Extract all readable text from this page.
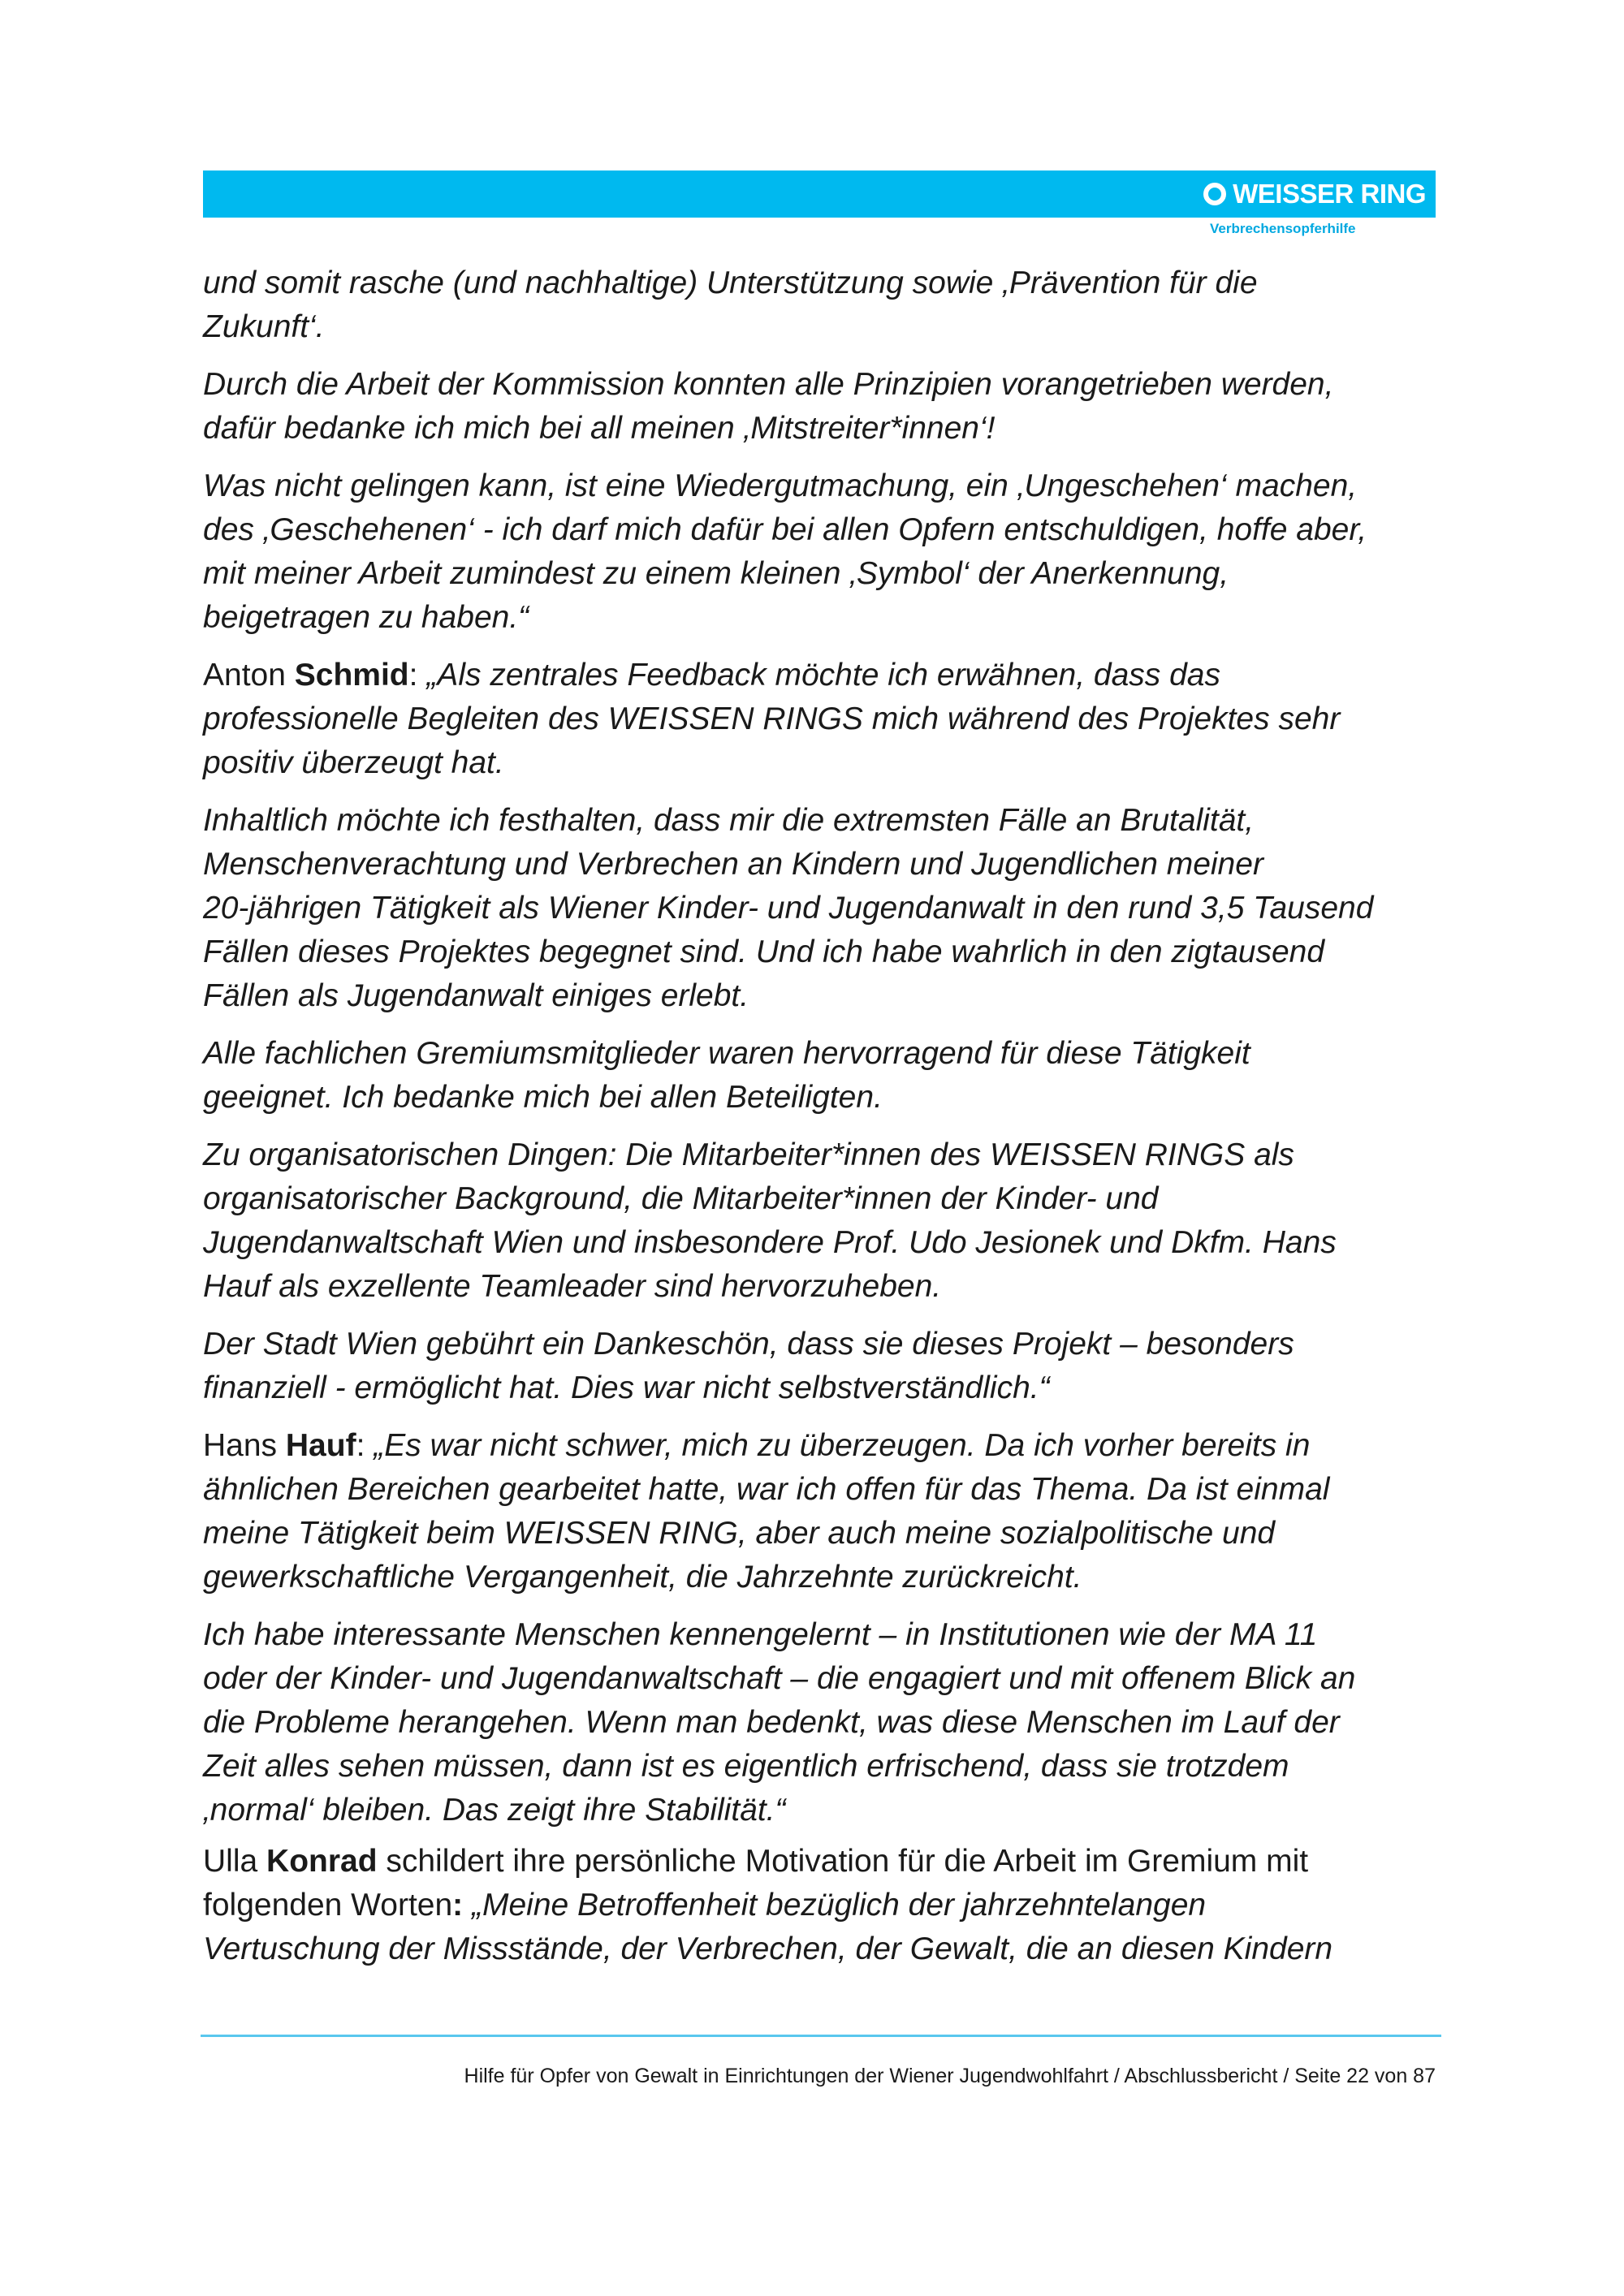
WEISSER RING
Verbrechensopferhilfe

und somit rasche (und nachhaltige) Unterstützung sowie ‚Prävention für die
Zukunft‘.

Durch die Arbeit der Kommission konnten alle Prinzipien vorangetrieben werden,
dafür bedanke ich mich bei all meinen ‚Mitstreiter*innen‘!

Was nicht gelingen kann, ist eine Wiedergutmachung, ein ‚Ungeschehen‘ machen,
des ‚Geschehenen‘ - ich darf mich dafür bei allen Opfern entschuldigen, hoffe aber,
mit meiner Arbeit zumindest zu einem kleinen ‚Symbol‘ der Anerkennung,
beigetragen zu haben.“

Anton Schmid: „Als zentrales Feedback möchte ich erwähnen, dass das
professionelle Begleiten des WEISSEN RINGS mich während des Projektes sehr
positiv überzeugt hat.

Inhaltlich möchte ich festhalten, dass mir die extremsten Fälle an Brutalität,
Menschenverachtung und Verbrechen an Kindern und Jugendlichen meiner
20-jährigen Tätigkeit als Wiener Kinder- und Jugendanwalt in den rund 3,5 Tausend
Fällen dieses Projektes begegnet sind. Und ich habe wahrlich in den zigtausend
Fällen als Jugendanwalt einiges erlebt.

Alle fachlichen Gremiumsmitglieder waren hervorragend für diese Tätigkeit
geeignet. Ich bedanke mich bei allen Beteiligten.

Zu organisatorischen Dingen: Die Mitarbeiter*innen des WEISSEN RINGS als
organisatorischer Background, die Mitarbeiter*innen der Kinder- und
Jugendanwaltschaft Wien und insbesondere Prof. Udo Jesionek und Dkfm. Hans
Hauf als exzellente Teamleader sind hervorzuheben.

Der Stadt Wien gebührt ein Dankeschön, dass sie dieses Projekt – besonders
finanziell - ermöglicht hat. Dies war nicht selbstverständlich.“

Hans Hauf: „Es war nicht schwer, mich zu überzeugen. Da ich vorher bereits in
ähnlichen Bereichen gearbeitet hatte, war ich offen für das Thema. Da ist einmal
meine Tätigkeit beim WEISSEN RING, aber auch meine sozialpolitische und
gewerkschaftliche Vergangenheit, die Jahrzehnte zurückreicht.

Ich habe interessante Menschen kennengelernt – in Institutionen wie der MA 11
oder der Kinder- und Jugendanwaltschaft – die engagiert und mit offenem Blick an
die Probleme herangehen. Wenn man bedenkt, was diese Menschen im Lauf der
Zeit alles sehen müssen, dann ist es eigentlich erfrischend, dass sie trotzdem
‚normal‘ bleiben. Das zeigt ihre Stabilität.“

Ulla Konrad schildert ihre persönliche Motivation für die Arbeit im Gremium mit
folgenden Worten: „Meine Betroffenheit bezüglich der jahrzehntelangen
Vertuschung der Missstände, der Verbrechen, der Gewalt, die an diesen Kindern

Hilfe für Opfer von Gewalt in Einrichtungen der Wiener Jugendwohlfahrt / Abschlussbericht / Seite 22 von 87
